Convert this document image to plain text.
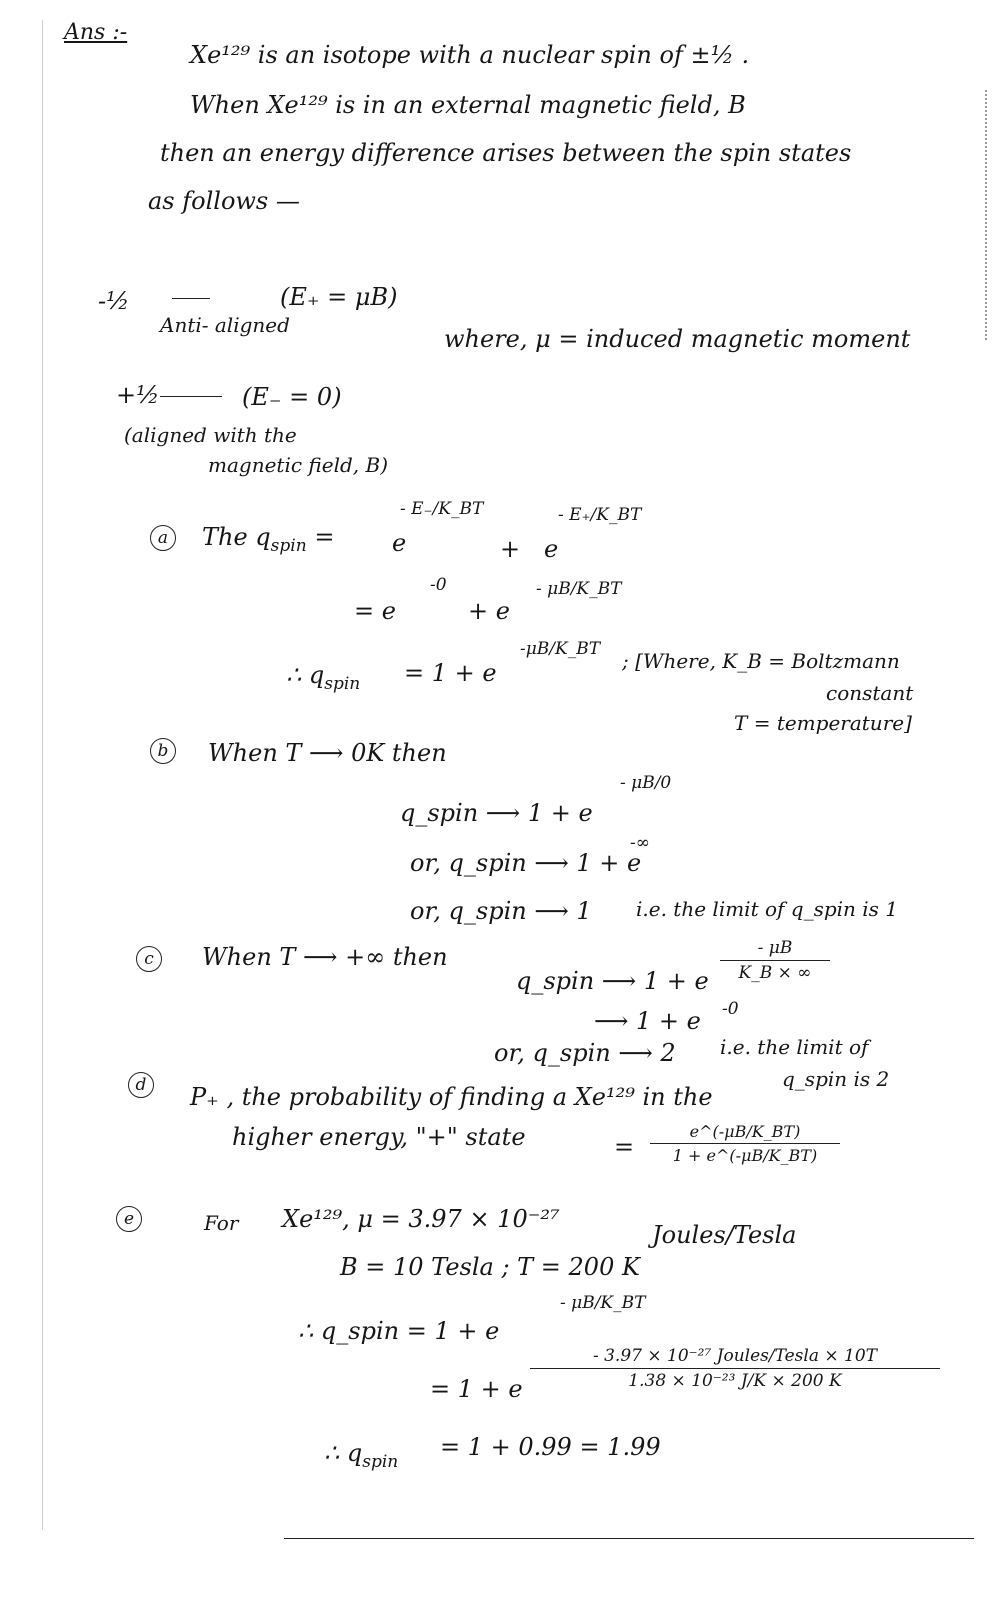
Ans :-
Xe¹²⁹ is an isotope with a nuclear spin of ±½ .
When Xe¹²⁹ is in an external magnetic field, B
then an energy difference arises between the spin states
as follows —
-½
Anti- aligned
(E₊ = μB)
where, μ = induced magnetic moment
+½	(E₋ = 0)
(aligned with the
magnetic field, B)
a	The $q_{spin} = e$
- E₋/K_BT
+ e
- E₊/K_BT
= e
-0
+ e
- μB/K_BT
∴ $q_{spin} = 1 + e$
-μB/K_BT ; [Where, K_B = Boltzmann
constant
T = temperature]
b	When T ⟶ 0K then
q_spin ⟶ 1 + e
- μB/0
or, q_spin ⟶ 1 + e
-∞
or, q_spin ⟶ 1 i.e. the limit of q_spin is 1
c	When T ⟶ +∞ then
q_spin ⟶ 1 + e
- μB
K_B × ∞
⟶ 1 + e -0
or, q_spin ⟶ 2 i.e. the limit of
q_spin is 2
d	P₊ , the probability of finding a Xe¹²⁹ in the
higher energy, "+" state	=
e^(-μB/K_BT)
1 + e^(-μB/K_BT)
e	For Xe¹²⁹, μ = 3.97 × 10⁻²⁷
Joules/Tesla
B = 10 Tesla ; T = 200 K
∴ q_spin = 1 + e
- μB/K_BT
= 1 + e
- 3.97 × 10⁻²⁷ Joules/Tesla × 10T
1.38 × 10⁻²³ J/K × 200 K
∴ $q_{spin}$
= 1 + 0.99 = 1.99
